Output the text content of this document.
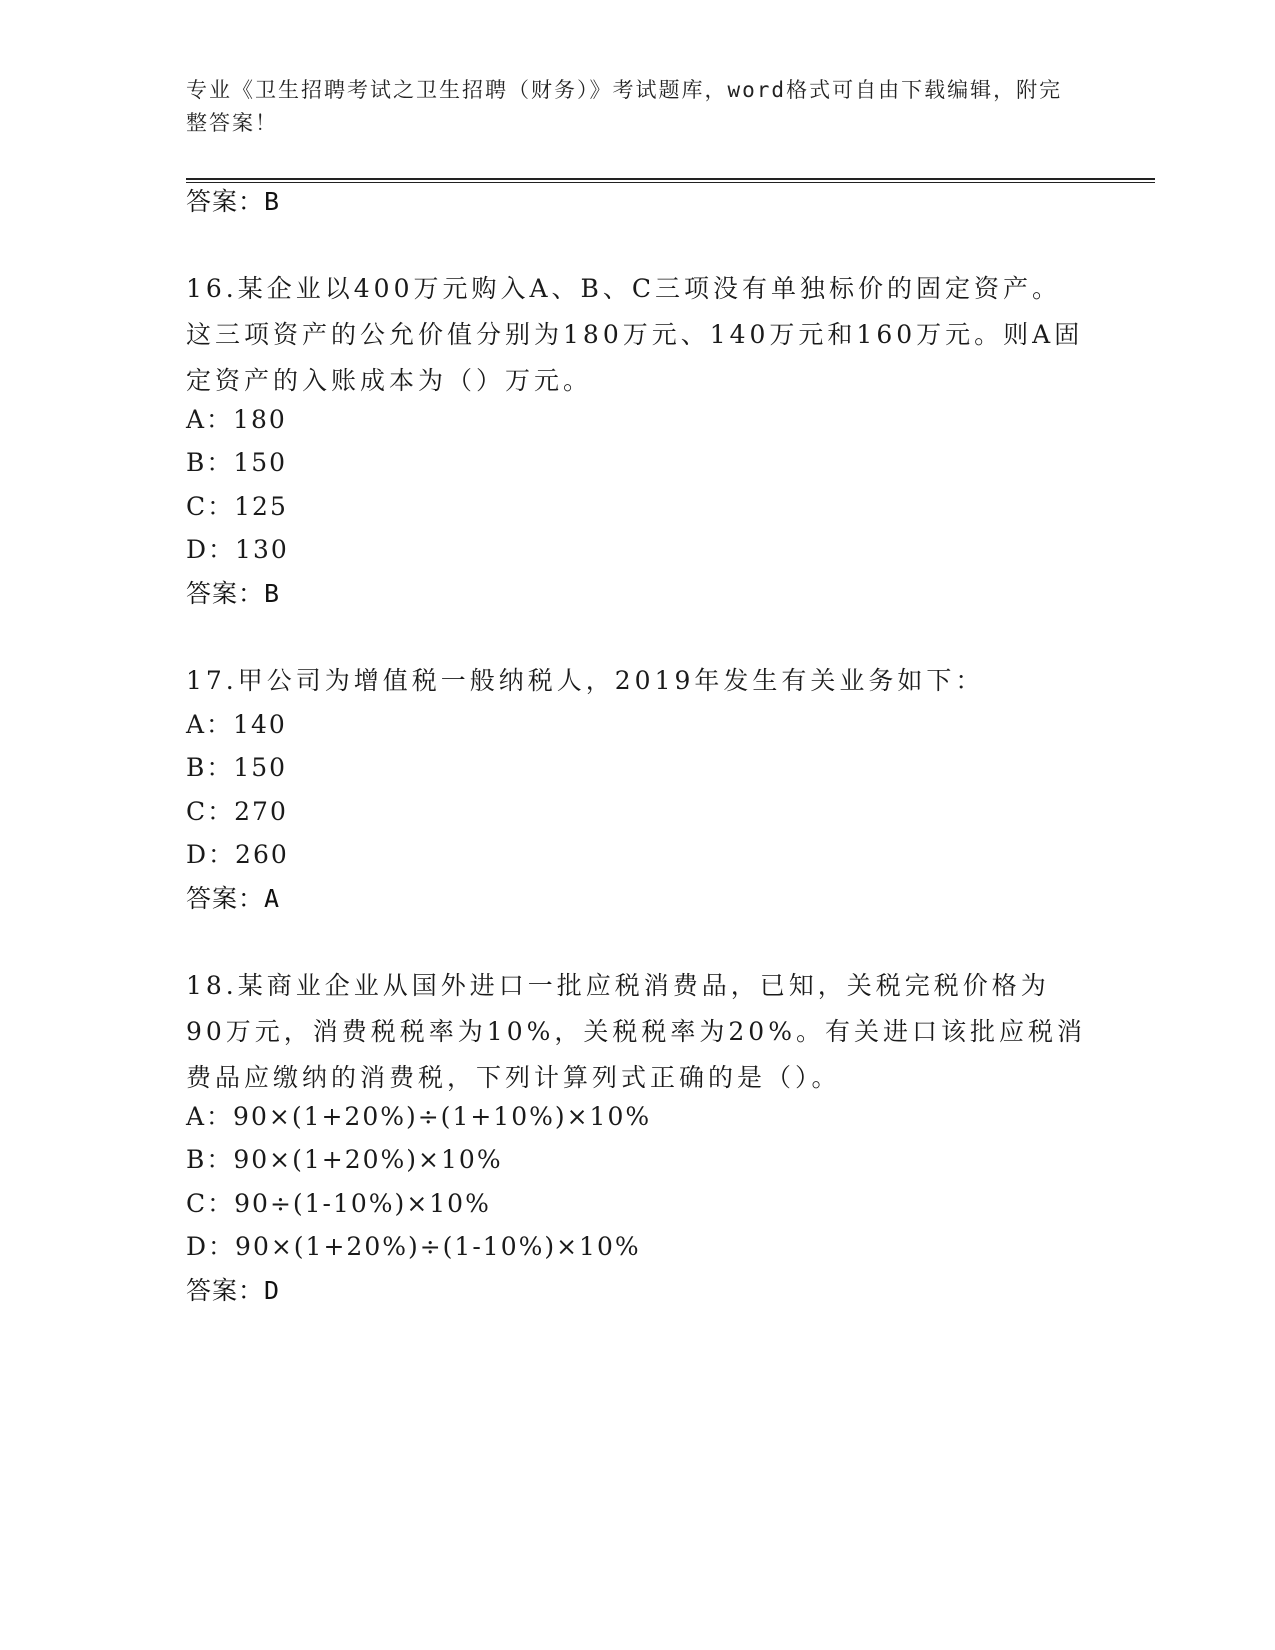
专业《卫生招聘考试之卫生招聘（财务）》考试题库，word格式可自由下载编辑，附完整答案！
答案：B
16.某企业以400万元购入A、B、C三项没有单独标价的固定资产。这三项资产的公允价值分别为180万元、140万元和160万元。则A固定资产的入账成本为（）万元。
A：180
B：150
C：125
D：130
答案：B
17.甲公司为增值税一般纳税人，2019年发生有关业务如下：
A：140
B：150
C：270
D：260
答案：A
18.某商业企业从国外进口一批应税消费品，已知，关税完税价格为90万元，消费税税率为10%，关税税率为20%。有关进口该批应税消费品应缴纳的消费税，下列计算列式正确的是（）。
A：90×(1+20%)÷(1+10%)×10%
B：90×(1+20%)×10%
C：90÷(1-10%)×10%
D：90×(1+20%)÷(1-10%)×10%
答案：D
